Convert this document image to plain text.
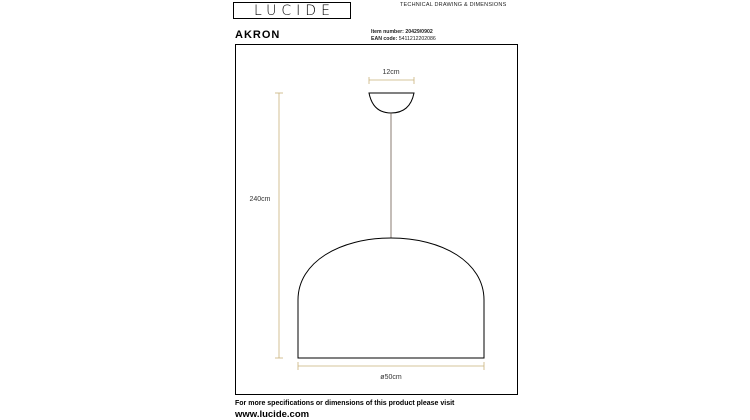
LUCIDE	TECHNICAL DRAWING & DIMENSIONS
AKRON	Item number: 20429/0902
EAN code: 5411212202086
12cm
240cm
ø50cm
For more specifications or dimensions of this product please visit
www.lucide.com
